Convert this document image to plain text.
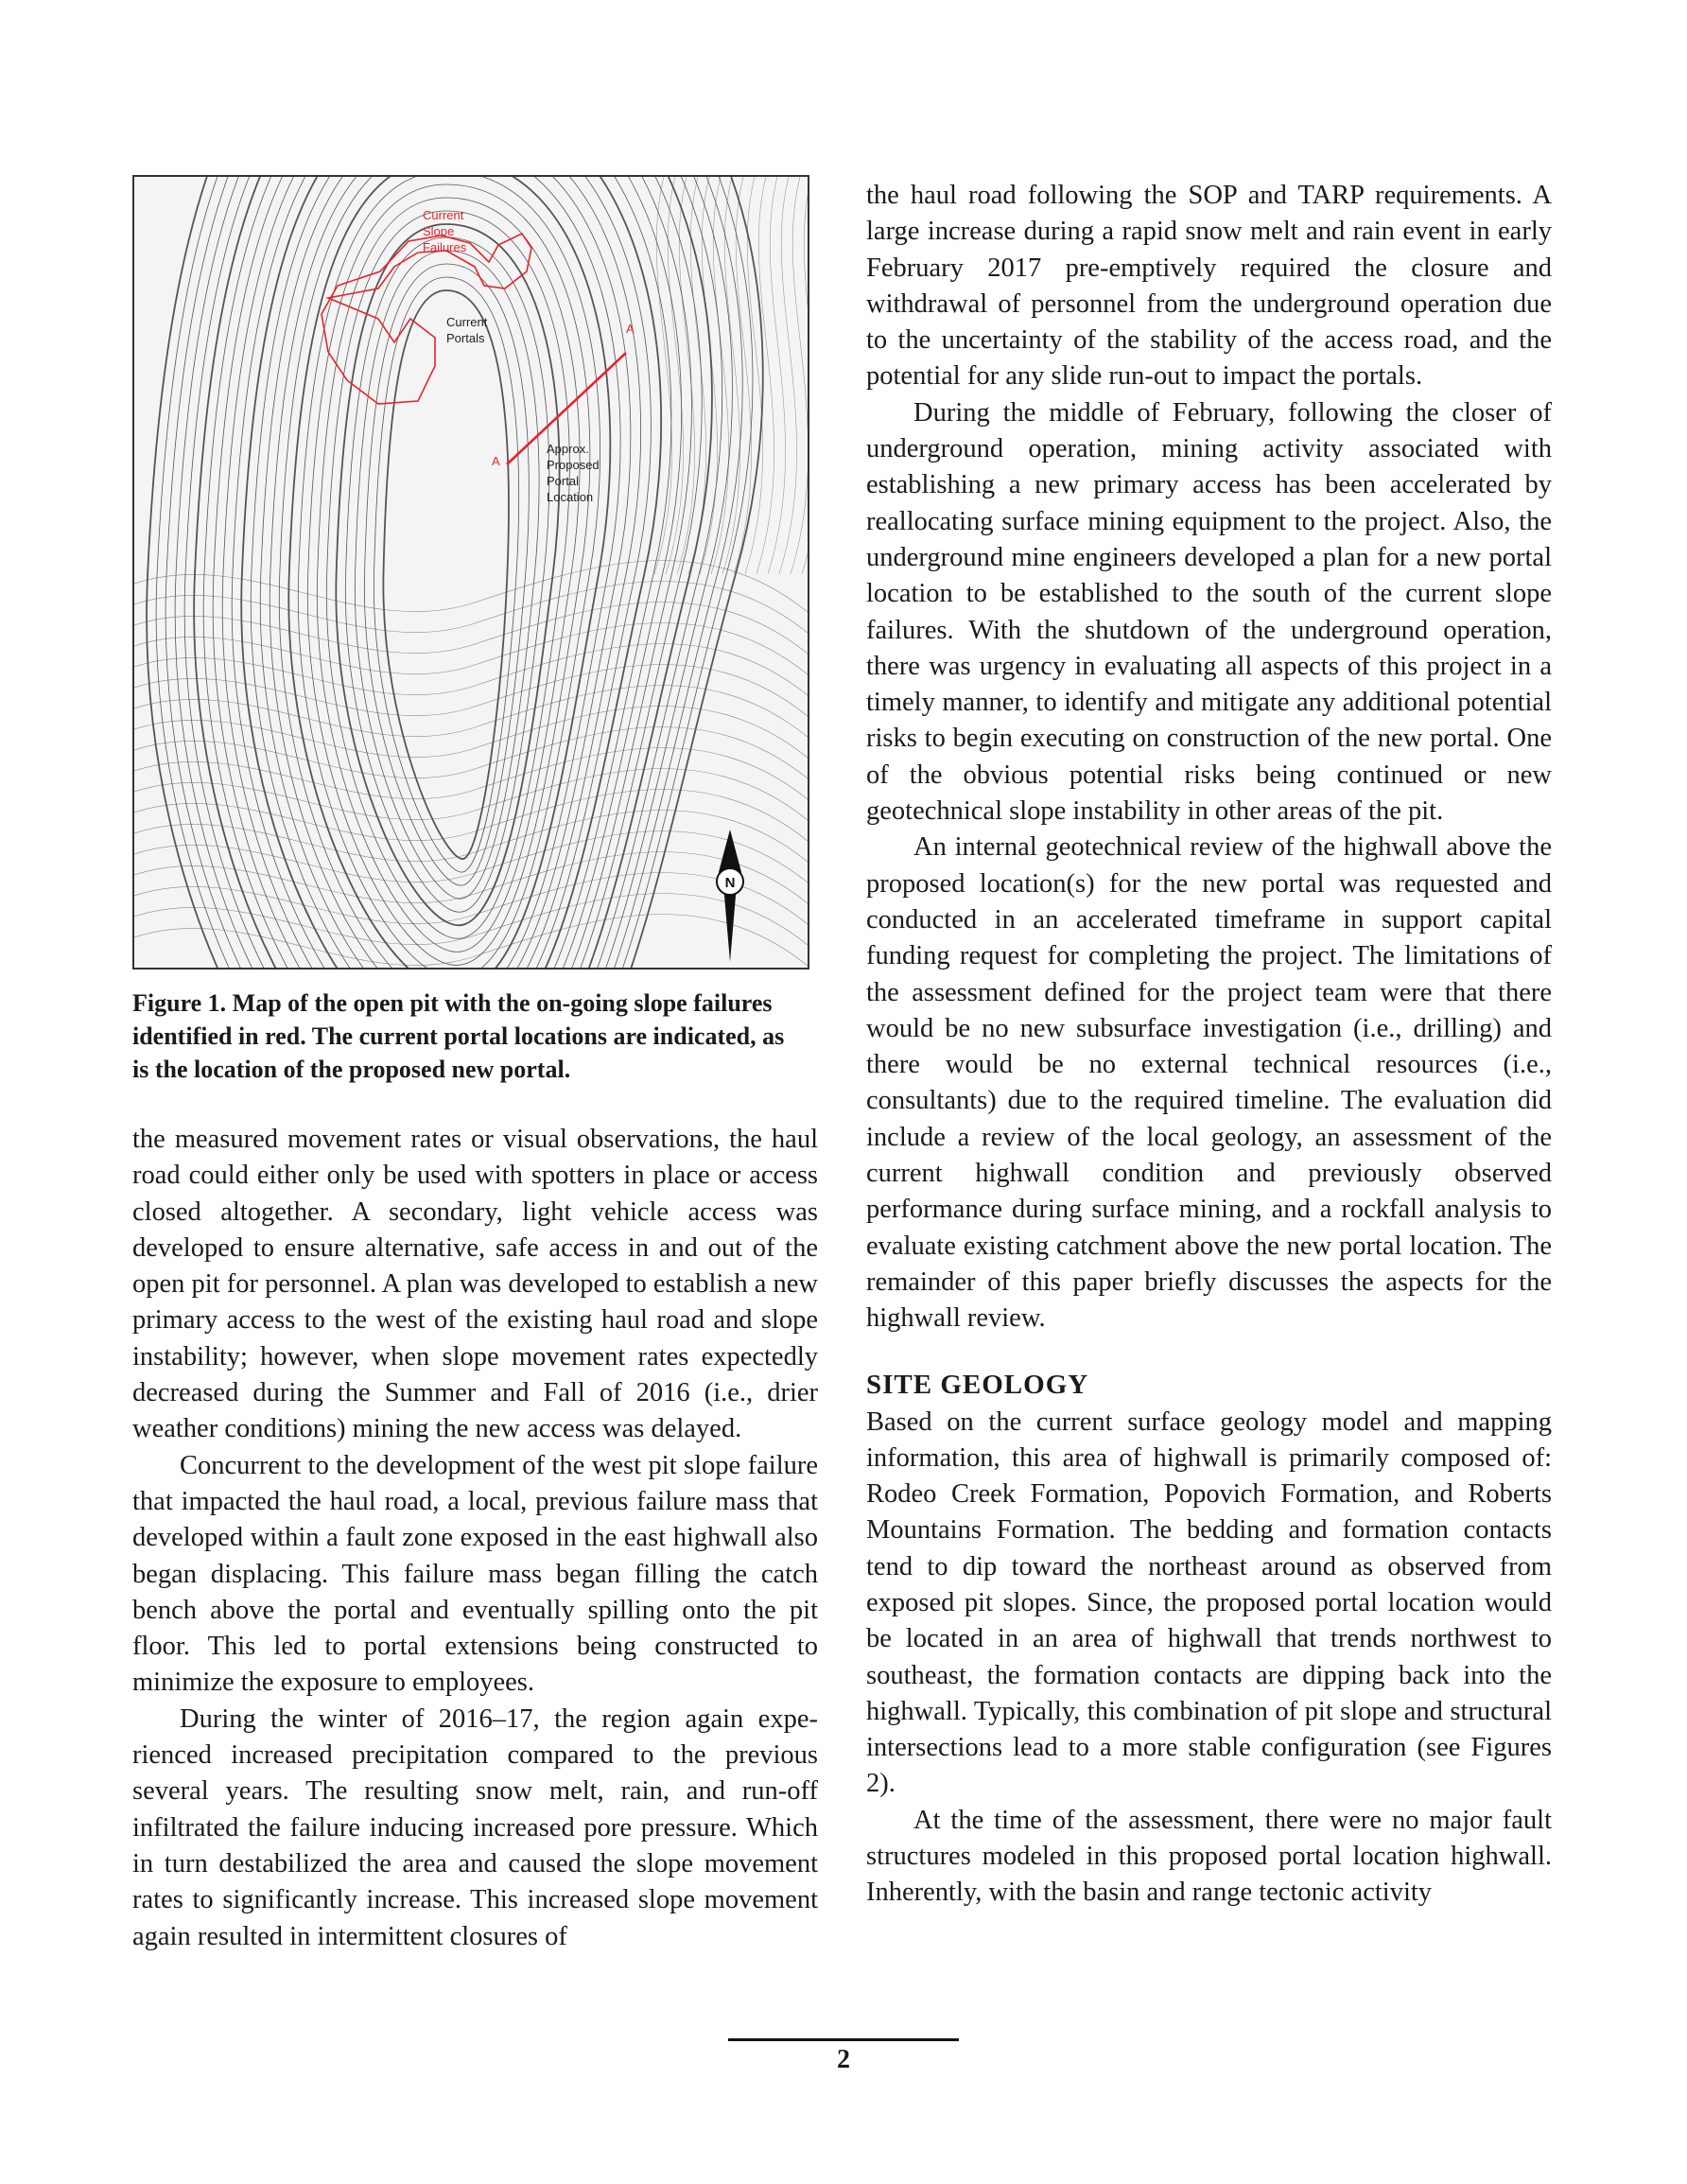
A
A
Current
Slope
Failures
Current
Portals
Approx.
Proposed
Portal
Location
N
Figure 1. Map of the open pit with the on-going slope failures identified in red. The current portal locations are indicated, as is the location of the proposed new portal.

the measured movement rates or visual observations, the haul road could either only be used with spotters in place or access closed altogether. A secondary, light vehicle access was developed to ensure alternative, safe access in and out of the open pit for personnel. A plan was developed to establish a new primary access to the west of the existing haul road and slope instability; however, when slope movement rates expectedly decreased during the Summer and Fall of 2016 (i.e., drier weather conditions) mining the new access was delayed.

Concurrent to the development of the west pit slope failure that impacted the haul road, a local, previous failure mass that developed within a fault zone exposed in the east highwall also began displacing. This failure mass began filling the catch bench above the portal and eventually spilling onto the pit floor. This led to portal extensions being constructed to minimize the exposure to employees.

During the winter of 2016–17, the region again experienced increased precipitation compared to the previous several years. The resulting snow melt, rain, and run-off infiltrated the failure inducing increased pore pressure. Which in turn destabilized the area and caused the slope movement rates to significantly increase. This increased slope movement again resulted in intermittent closures of

the haul road following the SOP and TARP requirements. A large increase during a rapid snow melt and rain event in early February 2017 pre-emptively required the closure and withdrawal of personnel from the underground operation due to the uncertainty of the stability of the access road, and the potential for any slide run-out to impact the portals.

During the middle of February, following the closer of underground operation, mining activity associated with establishing a new primary access has been accelerated by reallocating surface mining equipment to the project. Also, the underground mine engineers developed a plan for a new portal location to be established to the south of the current slope failures. With the shutdown of the underground operation, there was urgency in evaluating all aspects of this project in a timely manner, to identify and mitigate any additional potential risks to begin executing on construction of the new portal. One of the obvious potential risks being continued or new geotechnical slope instability in other areas of the pit.

An internal geotechnical review of the highwall above the proposed location(s) for the new portal was requested and conducted in an accelerated timeframe in support capital funding request for completing the project. The limitations of the assessment defined for the project team were that there would be no new subsurface investigation (i.e., drilling) and there would be no external technical resources (i.e., consultants) due to the required timeline. The evaluation did include a review of the local geology, an assessment of the current highwall condition and previously observed performance during surface mining, and a rockfall analysis to evaluate existing catchment above the new portal location. The remainder of this paper briefly discusses the aspects for the highwall review.

SITE GEOLOGY

Based on the current surface geology model and mapping information, this area of highwall is primarily composed of: Rodeo Creek Formation, Popovich Formation, and Roberts Mountains Formation. The bedding and formation contacts tend to dip toward the northeast around as observed from exposed pit slopes. Since, the proposed portal location would be located in an area of highwall that trends northwest to southeast, the formation contacts are dipping back into the highwall. Typically, this combination of pit slope and structural intersections lead to a more stable configuration (see Figures 2).

At the time of the assessment, there were no major fault structures modeled in this proposed portal location highwall. Inherently, with the basin and range tectonic activity

2
